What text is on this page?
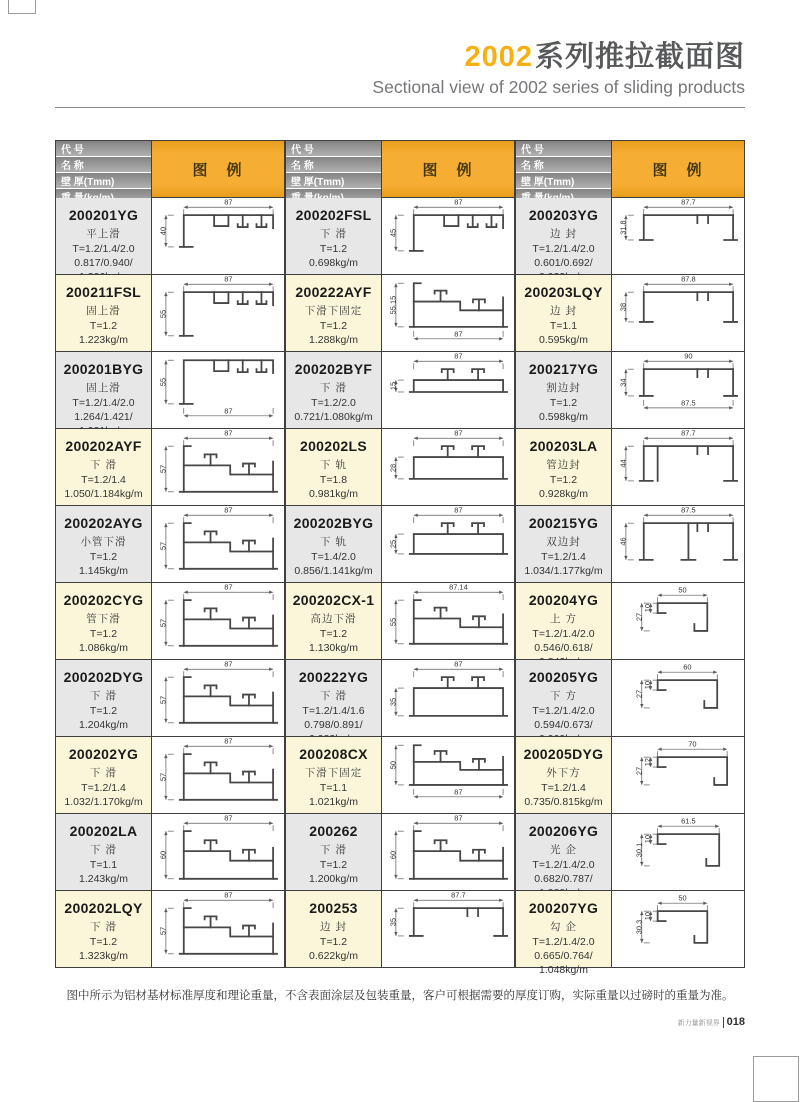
2002系列推拉截面图
Sectional view of 2002 series of sliding products
代 号
名 称
壁 厚(Tmm)
图　例
200201YG
平上滑
T=1.2/1.4/2.0
0.817/0.940/
87
40
200211FSL
固上滑
T=1.2
1.223kg/m
87
55
200201BYG
固上滑
T=1.2/1.4/2.0
1.264/1.421/
55
87
200202AYF
下 滑
T=1.2/1.4
1.050/1.184kg/m
87
57
200202AYG
小管下滑
T=1.2
1.145kg/m
87
57
200202CYG
管下滑
T=1.2
1.086kg/m
87
57
200202DYG
下 滑
T=1.2
1.204kg/m
87
57
200202YG
下 滑
T=1.2/1.4
1.032/1.170kg/m
87
57
200202LA
下 滑
T=1.1
1.243kg/m
87
60
200202LQY
下 滑
T=1.2
1.323kg/m
87
57
代 号
名 称
壁 厚(Tmm)
图　例
200202FSL
下 滑
T=1.2
0.698kg/m
87
45
200222AYF
下滑下固定
T=1.2
1.288kg/m
55.15
87
200202BYF
下 滑
T=1.2/2.0
0.721/1.080kg/m
87
15
200202LS
下 轨
T=1.8
0.981kg/m
87
28
200202BYG
下 轨
T=1.4/2.0
0.856/1.141kg/m
87
25
200202CX-1
高边下滑
T=1.2
1.130kg/m
87.14
55
200222YG
下 滑
T=1.2/1.4/1.6
0.798/0.891/
87
35
200208CX
下滑下固定
T=1.1
1.021kg/m
50
87
200262
下 滑
T=1.2
1.200kg/m
87
60
200253
边 封
T=1.2
0.622kg/m
87.7
35
代 号
名 称
壁 厚(Tmm)
图　例
200203YG
边 封
T=1.2/1.4/2.0
0.601/0.692/
87.7
31.8
200203LQY
边 封
T=1.1
0.595kg/m
87.8
38
200217YG
割边封
T=1.2
0.598kg/m
90
34
87.5
200203LA
管边封
T=1.2
0.928kg/m
87.7
44
200215YG
双边封
T=1.2/1.4
1.034/1.177kg/m
87.5
46
200204YG
上 方
T=1.2/1.4/2.0
0.546/0.618/
50
27
10
200205YG
下 方
T=1.2/1.4/2.0
0.594/0.673/
60
27
10
200205DYG
外下方
T=1.2/1.4
0.735/0.815kg/m
70
27
12
200206YG
光 企
T=1.2/1.4/2.0
0.682/0.787/
61.5
30.1
10
200207YG
勾 企
T=1.2/1.4/2.0
0.665/0.764/
1.048kg/m
50
30.3
10
图中所示为铝材基材标准厚度和理论重量，不含表面涂层及包装重量，客户可根据需要的厚度订购，实际重量以过磅时的重量为准。
新力量新视界 018
